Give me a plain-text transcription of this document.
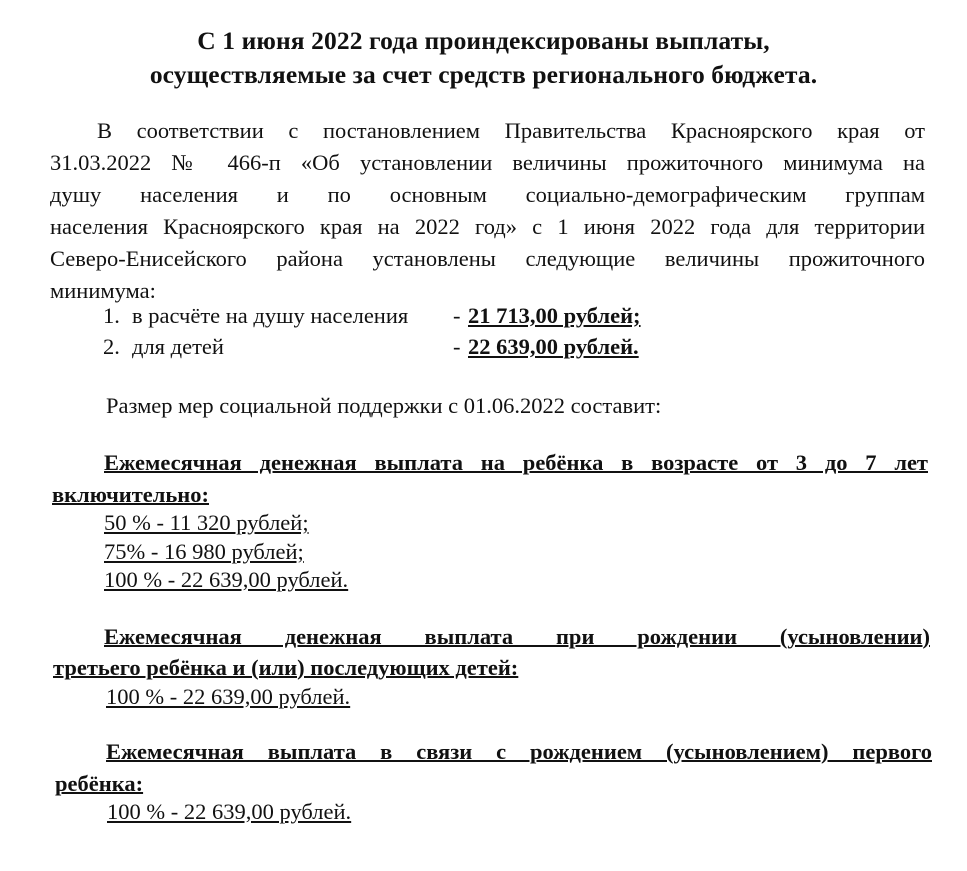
С 1 июня 2022 года проиндексированы выплаты,
осуществляемые за счет средств регионального бюджета.
В соответствии с постановлением Правительства Красноярского края от
31.03.2022 № 466-п «Об установлении величины прожиточного минимума на
душу населения и по основным социально-демографическим группам
населения Красноярского края на 2022 год» с 1 июня 2022 года для территории
Северо-Енисейского района установлены следующие величины прожиточного
минимума:
1. в расчёте на душу населения - 21 713,00 рублей;
2. для детей	- 22 639,00 рублей.
Размер мер социальной поддержки с 01.06.2022 составит:
Ежемесячная денежная выплата на ребёнка в возрасте от 3 до 7 лет
включительно:
50 % - 11 320 рублей;
75% - 16 980 рублей;
100 % - 22 639,00 рублей.
Ежемесячная денежная выплата при рождении (усыновлении)
третьего ребёнка и (или) последующих детей:
100 % - 22 639,00 рублей.
Ежемесячная выплата в связи с рождением (усыновлением) первого
ребёнка:
100 % - 22 639,00 рублей.
